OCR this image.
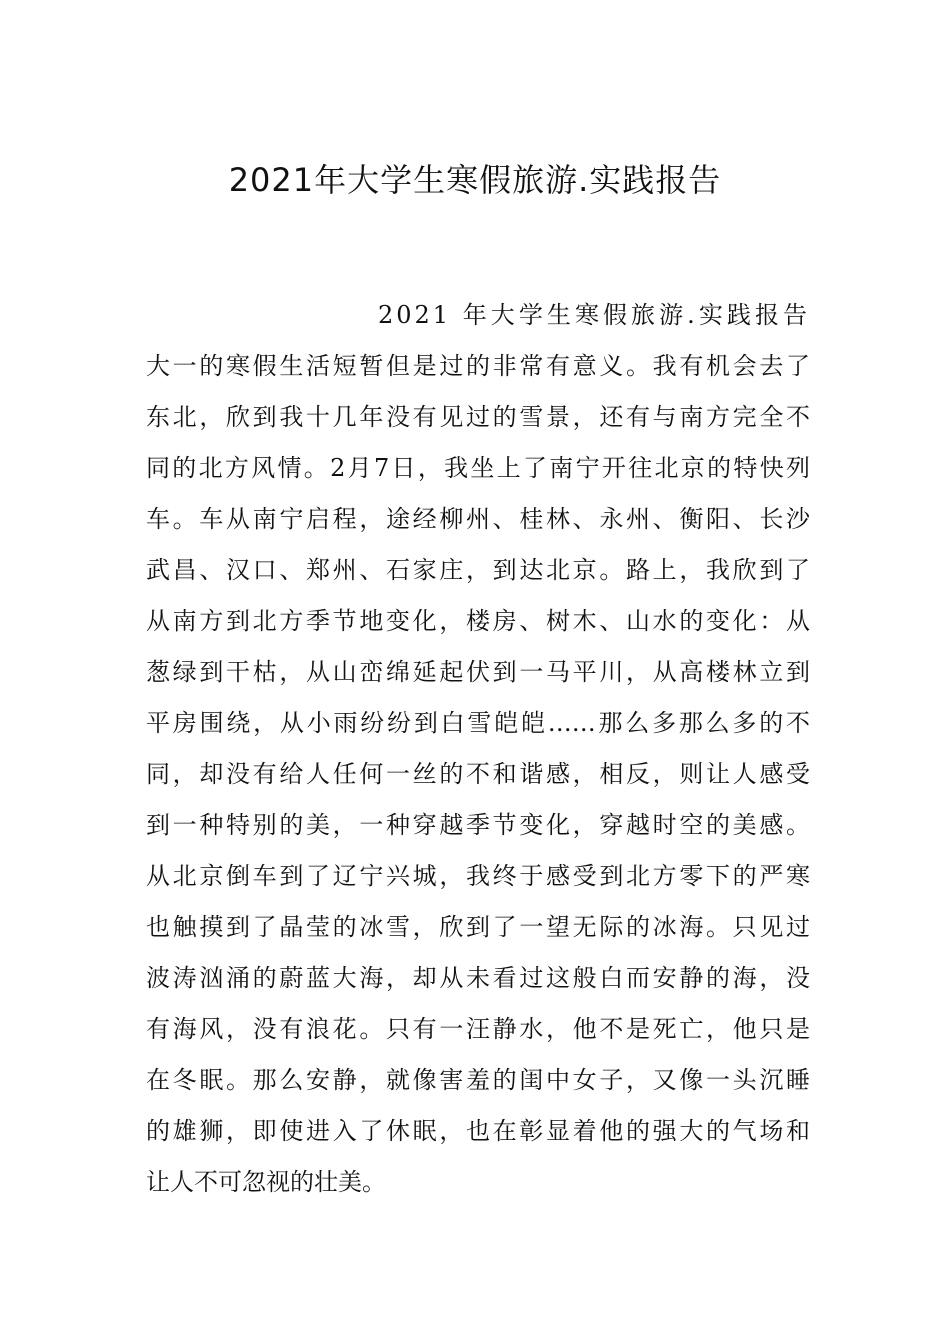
2021年大学生寒假旅游.实践报告
2021 年大学生寒假旅游.实践报告
大一的寒假生活短暂但是过的非常有意义。我有机会去了
东北，欣到我十几年没有见过的雪景，还有与南方完全不
同的北方风情。2月7日，我坐上了南宁开往北京的特快列
车。车从南宁启程，途经柳州、桂林、永州、衡阳、长沙
武昌、汉口、郑州、石家庄，到达北京。路上，我欣到了
从南方到北方季节地变化，楼房、树木、山水的变化：从
葱绿到干枯，从山峦绵延起伏到一马平川，从高楼林立到
平房围绕，从小雨纷纷到白雪皑皑……那么多那么多的不
同，却没有给人任何一丝的不和谐感，相反，则让人感受
到一种特别的美，一种穿越季节变化，穿越时空的美感。
从北京倒车到了辽宁兴城，我终于感受到北方零下的严寒
也触摸到了晶莹的冰雪，欣到了一望无际的冰海。只见过
波涛汹涌的蔚蓝大海，却从未看过这般白而安静的海，没
有海风，没有浪花。只有一汪静水，他不是死亡，他只是
在冬眠。那么安静，就像害羞的闺中女子，又像一头沉睡
的雄狮，即使进入了休眠，也在彰显着他的强大的气场和
让人不可忽视的壮美。
